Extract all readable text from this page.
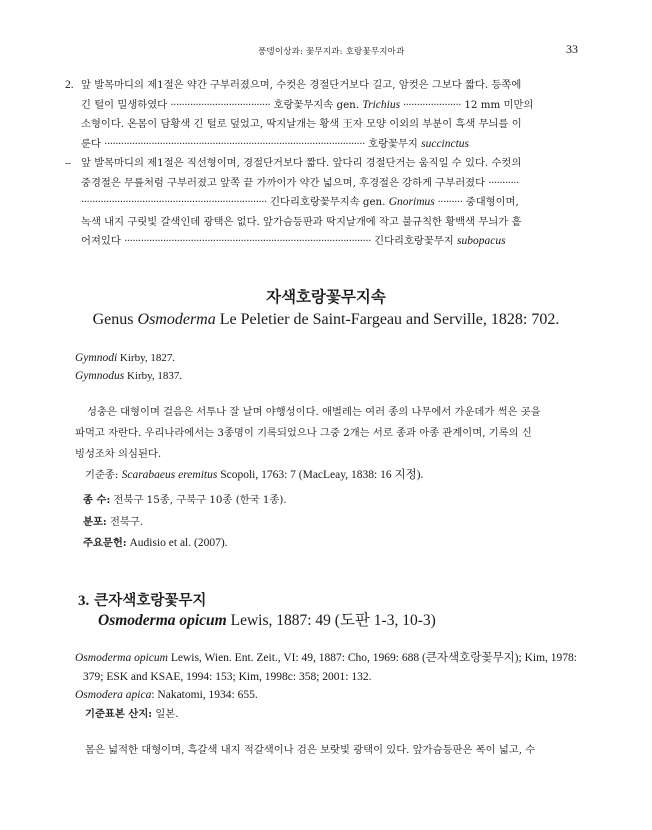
풍뎅이상과: 꽃무지과: 호랑꽃무지아과	33
2. 앞 발목마디의 제1절은 약간 구부러졌으며, 수컷은 경절단거보다 길고, 암컷은 그보다 짧다. 등쪽에
긴 털이 밀생하였다 ···································· 호랑꽃무지속 gen. Trichius ····················· 12 mm 미만의
소형이다. 온몸이 담황색 긴 털로 덮었고, 딱지날개는 황색 王자 모양 이외의 부분이 흑색 무늬를 이
룬다 ······························································································ 호랑꽃무지 succinctus
– 앞 발목마디의 제1절은 직선형이며, 경절단거보다 짧다. 앞다리 경절단거는 움직일 수 있다. 수컷의
중경절은 무릎처럼 구부러졌고 앞쪽 끝 가까이가 약간 넓으며, 후경절은 강하게 구부러졌다 ···········
··································································· 긴다리호랑꽃무지속 gen. Gnorimus ········· 중대형이며,
녹색 내지 구릿빛 갈색인데 광택은 없다. 앞가슴등판과 딱지날개에 작고 불규칙한 황백색 무늬가 흩
어져있다 ························································································· 긴다리호랑꽃무지 subopacus
자색호랑꽃무지속
Genus Osmoderma Le Peletier de Saint-Fargeau and Serville, 1828: 702.
Gymnodi Kirby, 1827.
Gymnodus Kirby, 1837.
성충은 대형이며 걸음은 서투나 잘 날며 야행성이다. 애벌레는 여러 종의 나무에서 가운데가 썩은 곳을
파먹고 자란다. 우리나라에서는 3종명이 기록되었으나 그중 2개는 서로 종과 아종 관계이며, 기록의 신
빙성조차 의심된다.
기준종: Scarabaeus eremitus Scopoli, 1763: 7 (MacLeay, 1838: 16 지정).
종 수: 전북구 15종, 구북구 10종 (한국 1종).
분포: 전북구.
주요문헌: Audisio et al. (2007).
3. 큰자색호랑꽃무지
Osmoderma opicum Lewis, 1887: 49 (도판 1-3, 10-3)
Osmoderma opicum Lewis, Wien. Ent. Zeit., VI: 49, 1887: Cho, 1969: 688 (큰자색호랑꽃무지); Kim, 1978:
379; ESK and KSAE, 1994: 153; Kim, 1998c: 358; 2001: 132.
Osmodera apica: Nakatomi, 1934: 655.
기준표본 산지: 일본.
몸은 넓적한 대형이며, 흑갈색 내지 적갈색이나 검은 보랏빛 광택이 있다. 앞가슴등판은 폭이 넓고, 수
